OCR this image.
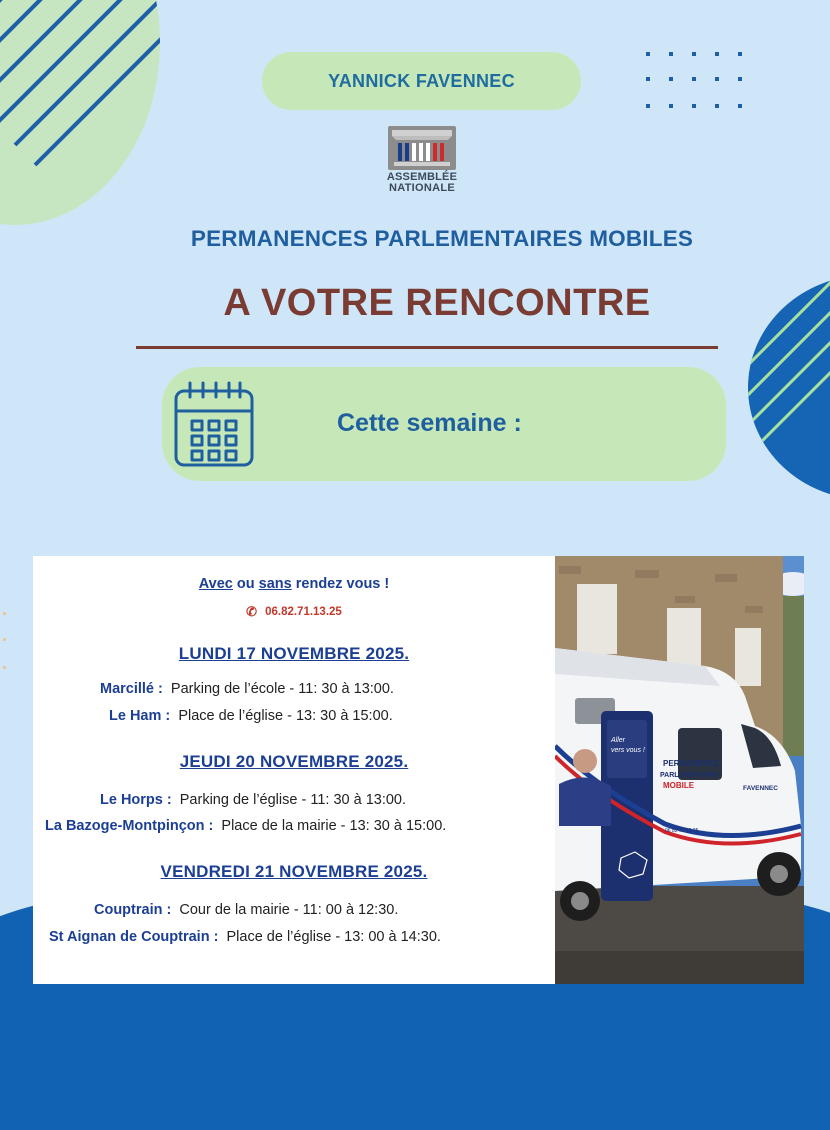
YANNICK FAVENNEC
ASSEMBLÉE
NATIONALE
PERMANENCES PARLEMENTAIRES MOBILES
A VOTRE RENCONTRE
Cette semaine :
Avec ou sans rendez vous !
✆ 06.82.71.13.25
LUNDI 17 NOVEMBRE 2025.
Marcillé : Parking de l’école - 11: 30 à 13:00.
Le Ham : Place de l’église - 13: 30 à 15:00.
JEUDI 20 NOVEMBRE 2025.
Le Horps : Parking de l’église - 11: 30 à 13:00.
La Bazoge-Montpinçon : Place de la mairie - 13: 30 à 15:00.
VENDREDI 21 NOVEMBRE 2025.
Couptrain : Cour de la mairie - 11: 00 à 12:30.
St Aignan de Couptrain : Place de l’église - 13: 00 à 14:30.
PERMANENCE
PARLEMENTAIRE
MOBILE	FAVENNEC
Aller
vers vous !
06 82 71 13 25
